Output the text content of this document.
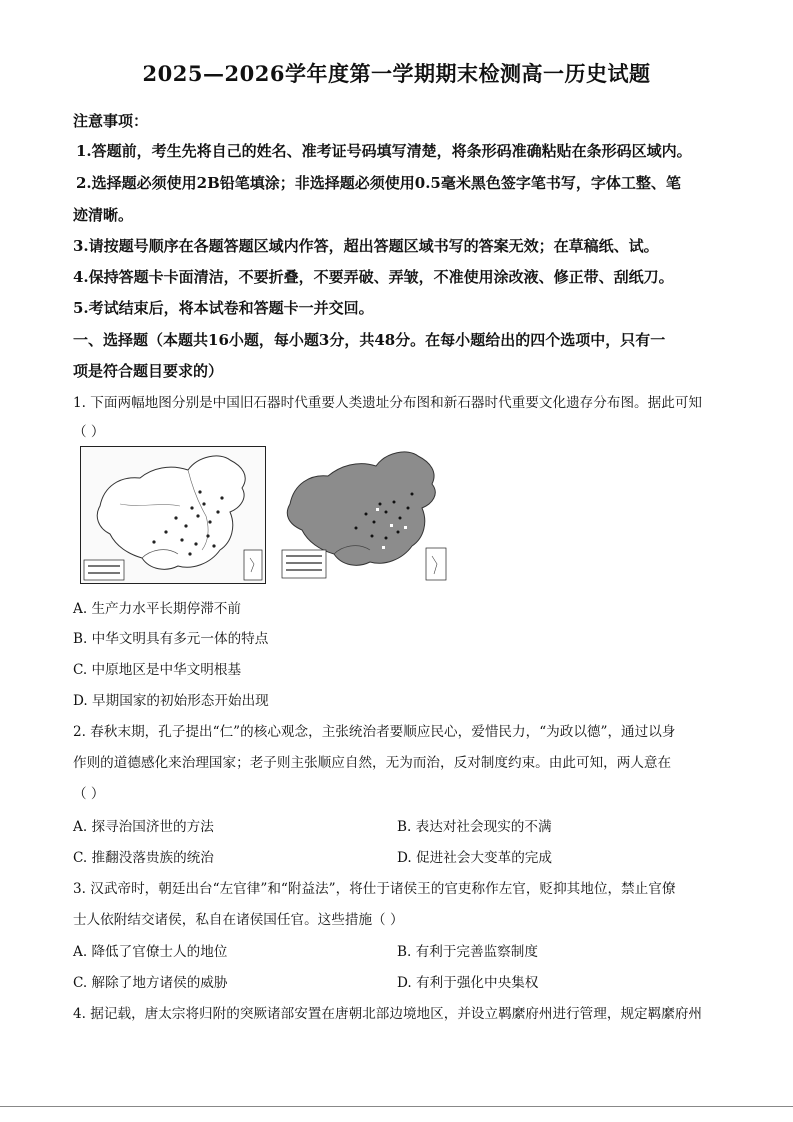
2025—2026学年度第一学期期末检测高一历史试题
注意事项：
1.答题前，考生先将自己的姓名、准考证号码填写清楚，将条形码准确粘贴在条形码区域内。
2.选择题必须使用2B铅笔填涂；非选择题必须使用0.5毫米黑色签字笔书写，字体工整、笔
迹清晰。
3.请按题号顺序在各题答题区域内作答，超出答题区域书写的答案无效；在草稿纸、试。
4.保持答题卡卡面清洁，不要折叠，不要弄破、弄皱，不准使用涂改液、修正带、刮纸刀。
5.考试结束后，将本试卷和答题卡一并交回。
一、选择题（本题共16小题，每小题3分，共48分。在每小题给出的四个选项中，只有一
项是符合题目要求的）
1. 下面两幅地图分别是中国旧石器时代重要人类遗址分布图和新石器时代重要文化遗存分布图。据此可知
（ ）
A. 生产力水平长期停滞不前
B. 中华文明具有多元一体的特点
C. 中原地区是中华文明根基
D. 早期国家的初始形态开始出现
2. 春秋末期，孔子提出“仁”的核心观念，主张统治者要顺应民心，爱惜民力，“为政以德”，通过以身
作则的道德感化来治理国家；老子则主张顺应自然，无为而治，反对制度约束。由此可知，两人意在
（ ）
A. 探寻治国济世的方法	B. 表达对社会现实的不满
C. 推翻没落贵族的统治	D. 促进社会大变革的完成
3. 汉武帝时，朝廷出台“左官律”和“附益法”，将仕于诸侯王的官吏称作左官，贬抑其地位，禁止官僚
士人依附结交诸侯，私自在诸侯国任官。这些措施（ ）
A. 降低了官僚士人的地位	B. 有利于完善监察制度
C. 解除了地方诸侯的威胁	D. 有利于强化中央集权
4. 据记载，唐太宗将归附的突厥诸部安置在唐朝北部边境地区，并设立羁縻府州进行管理，规定羁縻府州
